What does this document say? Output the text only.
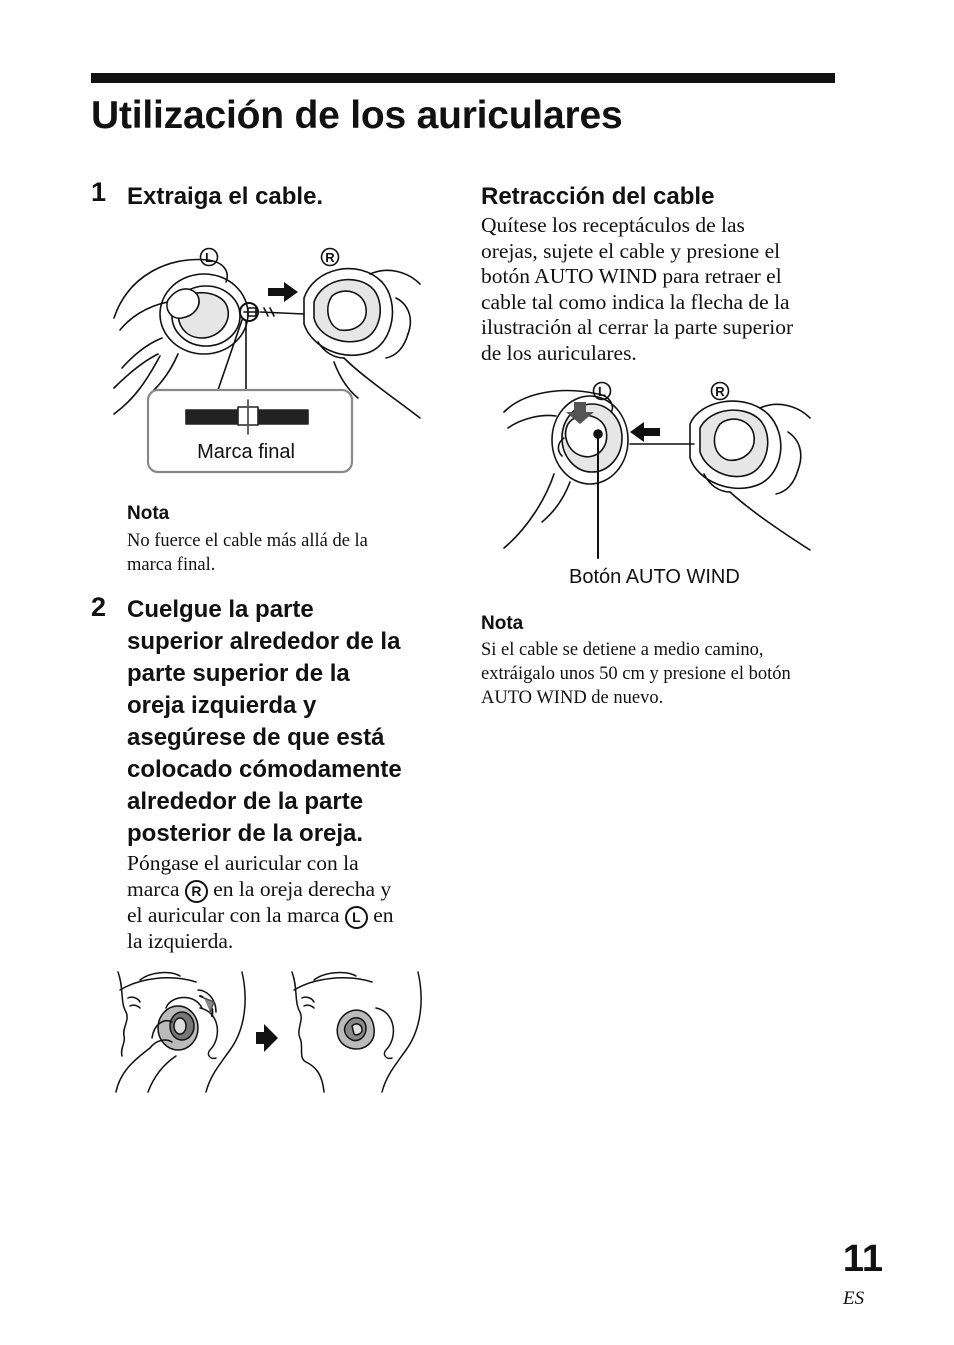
Utilización de los auriculares
1 Extraiga el cable.
L	R
Marca final
Nota
No fuerce el cable más allá de la
marca final.
2 Cuelgue la parte
superior alrededor de la
parte superior de la
oreja izquierda y
asegúrese de que está
colocado cómodamente
alrededor de la parte
posterior de la oreja.
Póngase el auricular con la
marca R en la oreja derecha y
el auricular con la marca L en
la izquierda.
Retracción del cable
Quítese los receptáculos de las
orejas, sujete el cable y presione el
botón AUTO WIND para retraer el
cable tal como indica la flecha de la
ilustración al cerrar la parte superior
de los auriculares.
L	R
Botón AUTO WIND
Nota
Si el cable se detiene a medio camino,
extráigalo unos 50 cm y presione el botón
AUTO WIND de nuevo.
11
ES
